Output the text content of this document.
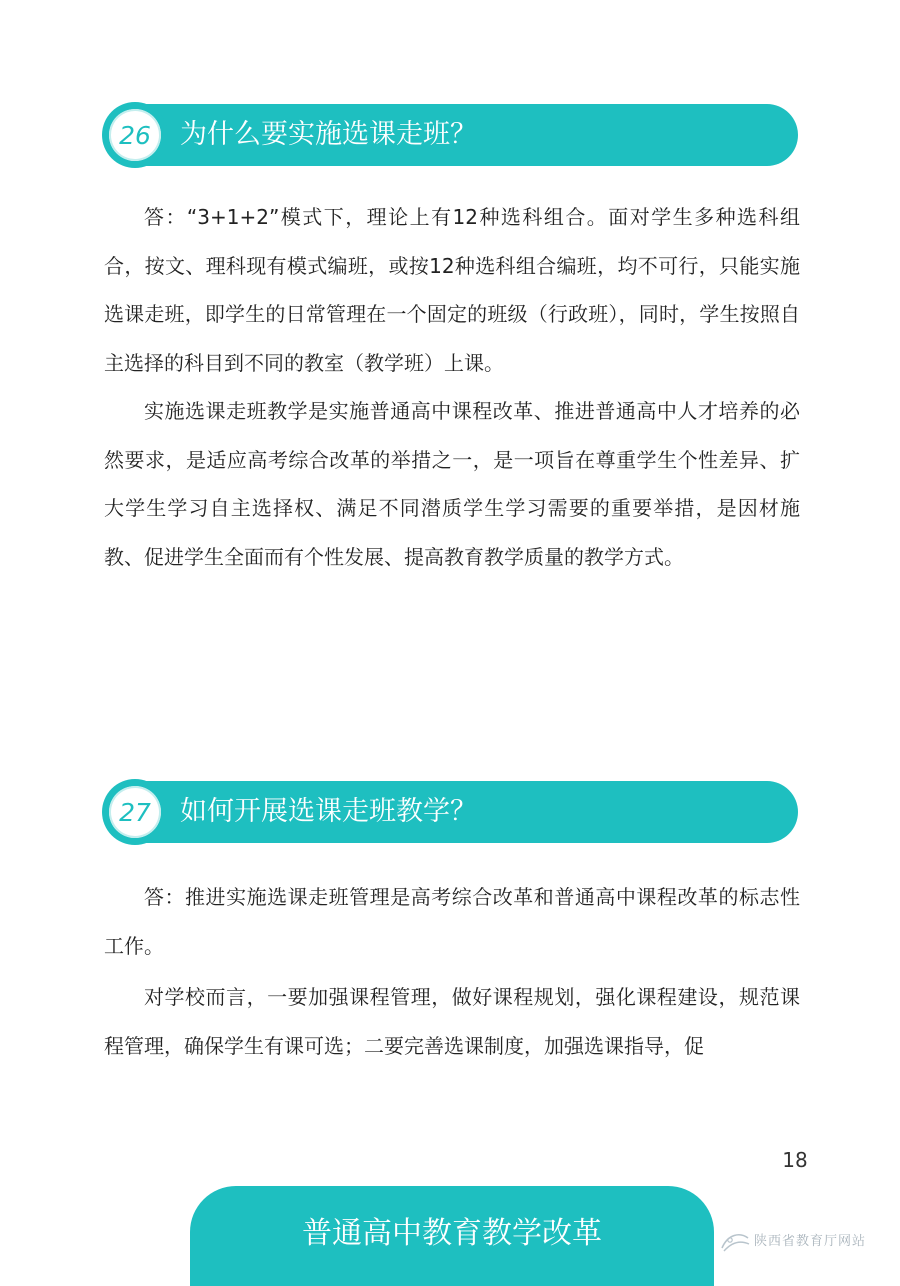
26 为什么要实施选课走班？

答：“3+1+2”模式下，理论上有12种选科组合。面对学生多种选科组合，按文、理科现有模式编班，或按12种选科组合编班，均不可行，只能实施选课走班，即学生的日常管理在一个固定的班级（行政班），同时，学生按照自主选择的科目到不同的教室（教学班）上课。

实施选课走班教学是实施普通高中课程改革、推进普通高中人才培养的必然要求，是适应高考综合改革的举措之一，是一项旨在尊重学生个性差异、扩大学生学习自主选择权、满足不同潜质学生学习需要的重要举措，是因材施教、促进学生全面而有个性发展、提高教育教学质量的教学方式。

27 如何开展选课走班教学？

答：推进实施选课走班管理是高考综合改革和普通高中课程改革的标志性工作。

对学校而言，一要加强课程管理，做好课程规划，强化课程建设，规范课程管理，确保学生有课可选；二要完善选课制度，加强选课指导，促

18
普通高中教育教学改革	陕西省教育厅网站
